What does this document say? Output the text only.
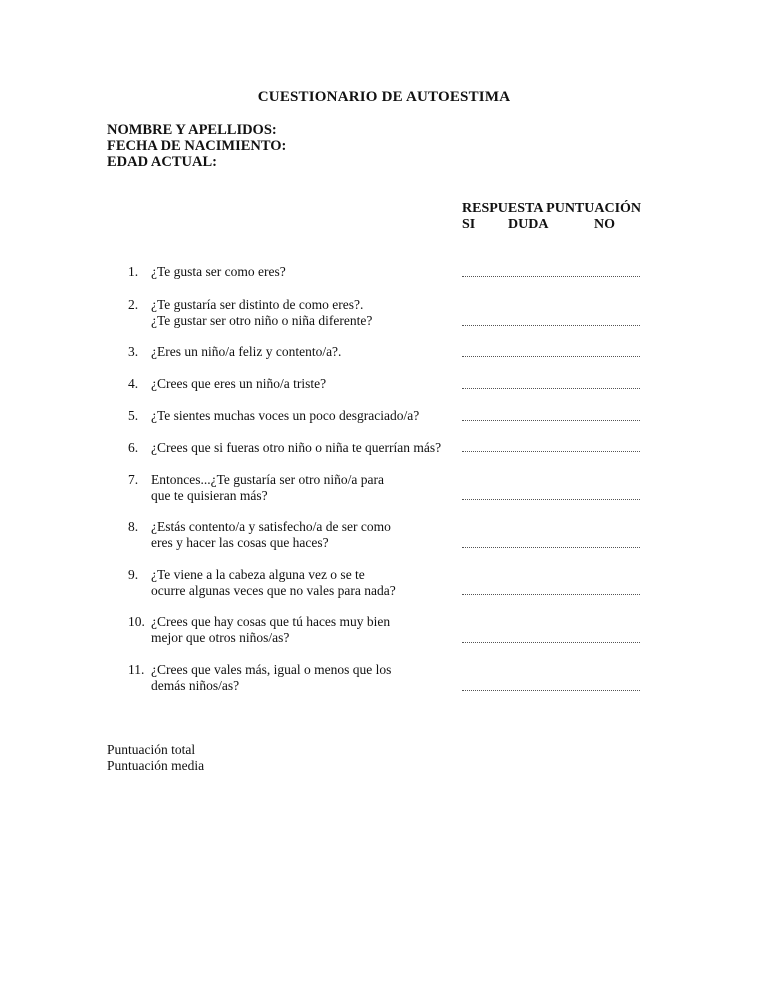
CUESTIONARIO DE AUTOESTIMA
NOMBRE Y APELLIDOS:
FECHA DE NACIMIENTO:
EDAD ACTUAL:
RESPUESTA PUNTUACIÓN
SI DUDA	NO
1. ¿Te gusta ser como eres?
2. ¿Te gustaría ser distinto de como eres?.
¿Te gustar ser otro niño o niña diferente?
3. ¿Eres un niño/a feliz y contento/a?.
4. ¿Crees que eres un niño/a triste?
5. ¿Te sientes muchas voces un poco desgraciado/a?
6. ¿Crees que si fueras otro niño o niña te querrían más?
7. Entonces...¿Te gustaría ser otro niño/a para
que te quisieran más?
8. ¿Estás contento/a y satisfecho/a de ser como
eres y hacer las cosas que haces?
9. ¿Te viene a la cabeza alguna vez o se te
ocurre algunas veces que no vales para nada?
10. ¿Crees que hay cosas que tú haces muy bien
mejor que otros niños/as?
11. ¿Crees que vales más, igual o menos que los
demás niños/as?
Puntuación total
Puntuación media
